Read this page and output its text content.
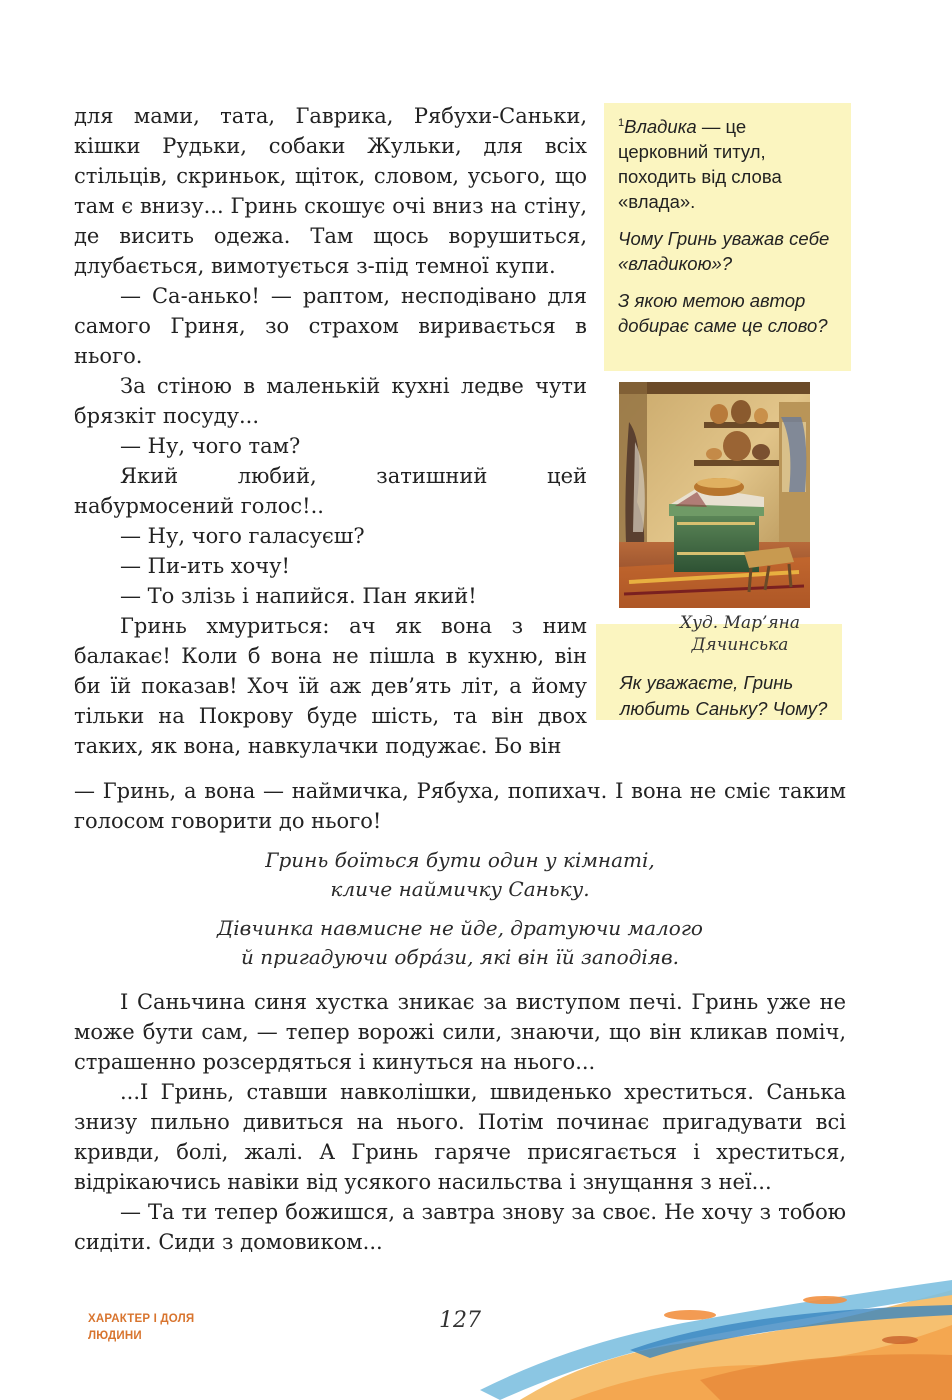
для мами, тата, Гаврика, Рябухи-Саньки, кішки Рудьки, собаки Жульки, для всіх стільців, скриньок, щіток, словом, усього, що там є внизу... Гринь скошує очі вниз на стіну, де висить одежа. Там щось ворушиться, длубається, вимотується з-під темної купи.

— Са-анько! — раптом, несподівано для самого Гриня, зо страхом виривається в нього.

За стіною в маленькій кухні ледве чути брязкіт посуду...

— Ну, чого там?

Який любий, затишний цей набурмосений голос!..

— Ну, чого галасуєш?

— Пи-ить хочу!

— То злізь і напийся. Пан який!

Гринь хмуриться: ач як вона з ним балакає! Коли б вона не пішла в кухню, він би їй показав! Хоч їй аж дев’ять літ, а йому тільки на Покрову буде шість, та він двох таких, як вона, навкулачки подужає. Бо він

— Гринь, а вона — наймичка, Рябуха, попихач. І вона не сміє таким голосом говорити до нього!

Гринь боїться бути один у кімнаті,
кличе наймичку Саньку.

Дівчинка навмисне не йде, дратуючи малого
й пригадуючи обра́зи, які він їй заподіяв.

І Саньчина синя хустка зникає за виступом печі. Гринь уже не може бути сам, — тепер ворожі сили, знаючи, що він кликав поміч, страшенно розсердяться і кинуться на нього...

...І Гринь, ставши навколішки, швиденько хреститься. Санька знизу пильно дивиться на нього. Потім починає пригадувати всі кривди, болі, жалі. А Гринь гаряче присягається і хреститься, відрікаючись навіки від усякого насильства і знущання з неї...

— Та ти тепер божишся, а завтра знову за своє. Не хочу з тобою сидіти. Сиди з домовиком...

$^1$Владика — це церковний титул, походить від слова «влада».

Чому Гринь уважав себе «владикою»?

З якою метою автор добирає саме це слово?

Худ. Мар’яна
Дячинська
Як уважаєте, Гринь любить Саньку? Чому?
ХАРАКТЕР І ДОЛЯ
ЛЮДИНИ
127
